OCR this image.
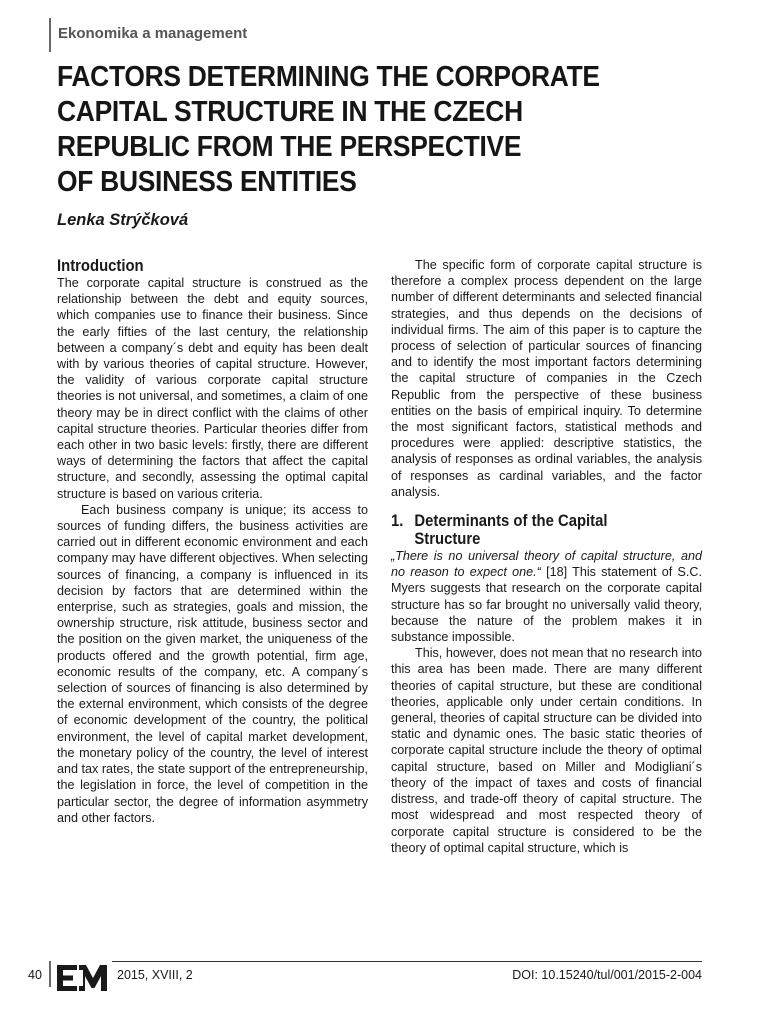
Ekonomika a management
FACTORS DETERMINING THE CORPORATE
CAPITAL STRUCTURE IN THE CZECH
REPUBLIC FROM THE PERSPECTIVE
OF BUSINESS ENTITIES
Lenka Strýčková
Introduction

The corporate capital structure is construed as the relationship between the debt and equity sources, which companies use to finance their business. Since the early fifties of the last century, the relationship between a company´s debt and equity has been dealt with by various theories of capital structure. However, the validity of various corporate capital structure theories is not universal, and sometimes, a claim of one theory may be in direct conflict with the claims of other capital structure theories. Particular theories differ from each other in two basic levels: firstly, there are different ways of determining the factors that affect the capital structure, and secondly, assessing the optimal capital structure is based on various criteria.

Each business company is unique; its access to sources of funding differs, the business activities are carried out in different economic environment and each company may have different objectives. When selecting sources of financing, a company is influenced in its decision by factors that are determined within the enterprise, such as strategies, goals and mission, the ownership structure, risk attitude, business sector and the position on the given market, the uniqueness of the products offered and the growth potential, firm age, economic results of the company, etc. A company´s selection of sources of financing is also determined by the external environment, which consists of the degree of economic development of the country, the political environment, the level of capital market development, the monetary policy of the country, the level of interest and tax rates, the state support of the entrepreneurship, the legislation in force, the level of competition in the particular sector, the degree of information asymmetry and other factors.

The specific form of corporate capital structure is therefore a complex process dependent on the large number of different determinants and selected financial strategies, and thus depends on the decisions of individual firms. The aim of this paper is to capture the process of selection of particular sources of financing and to identify the most important factors determining the capital structure of companies in the Czech Republic from the perspective of these business entities on the basis of empirical inquiry. To determine the most significant factors, statistical methods and procedures were applied: descriptive statistics, the analysis of responses as ordinal variables, the analysis of responses as cardinal variables, and the factor analysis.

1. Determinants of the Capital
Structure

„There is no universal theory of capital structure, and no reason to expect one.“ [18] This statement of S.C. Myers suggests that research on the corporate capital structure has so far brought no universally valid theory, because the nature of the problem makes it in substance impossible.

This, however, does not mean that no research into this area has been made. There are many different theories of capital structure, but these are conditional theories, applicable only under certain conditions. In general, theories of capital structure can be divided into static and dynamic ones. The basic static theories of corporate capital structure include the theory of optimal capital structure, based on Miller and Modigliani´s theory of the impact of taxes and costs of financial distress, and trade-off theory of capital structure. The most widespread and most respected theory of corporate capital structure is considered to be the theory of optimal capital structure, which is

40	2015, XVIII, 2	DOI: 10.15240/tul/001/2015-2-004
